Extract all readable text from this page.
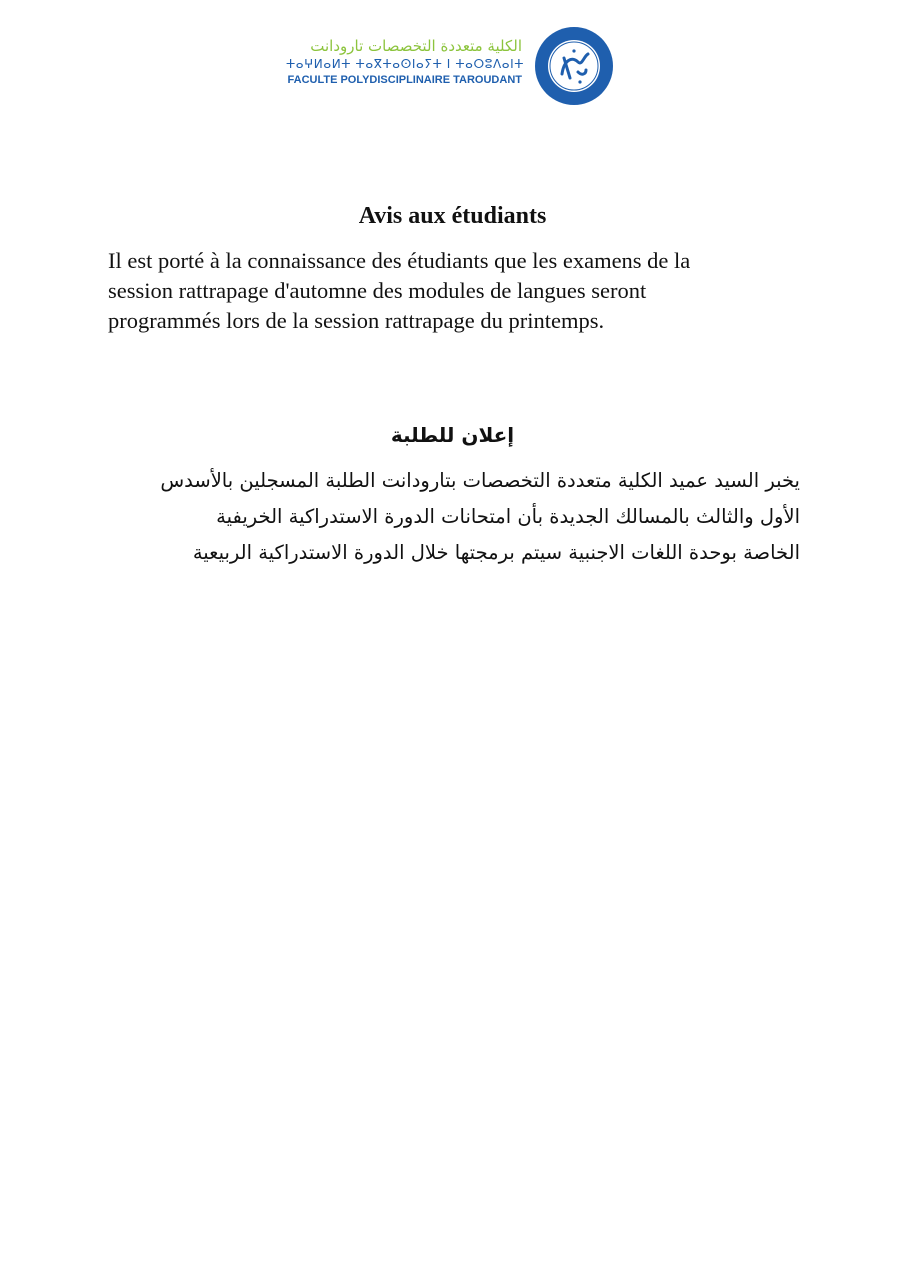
الكلية متعددة التخصصات تارودانت
ⵜⴰⵖⵍⴰⵍⵜ ⵜⴰⴳⵜⴰⵙⵏⴰⵢⵜ ⵏ ⵜⴰⵔⵓⴷⴰⵏⵜ
FACULTE POLYDISCIPLINAIRE TAROUDANT
Avis aux étudiants

Il est porté à la connaissance des étudiants que les examens de la
session rattrapage d'automne des modules de langues seront
programmés lors de la session rattrapage du printemps.

إعلان للطلبة

يخبر السيد عميد الكلية متعددة التخصصات بتارودانت الطلبة المسجلين بالأسدس
الأول والثالث بالمسالك الجديدة بأن امتحانات الدورة الاستدراكية الخريفية
الخاصة بوحدة اللغات الاجنبية سيتم برمجتها خلال الدورة الاستدراكية الربيعية
